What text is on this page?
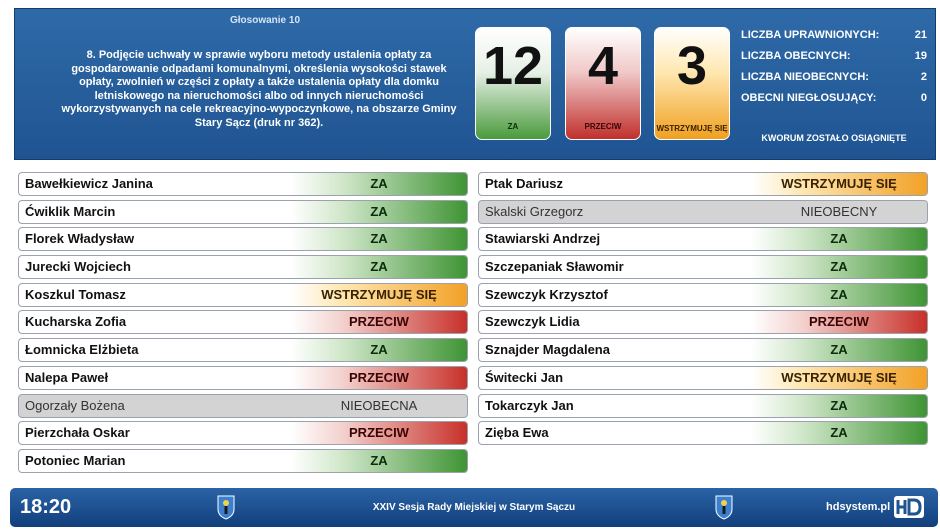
Głosowanie 10
8. Podjęcie uchwały w sprawie wyboru metody ustalenia opłaty za gospodarowanie odpadami komunalnymi, określenia wysokości stawek opłaty, zwolnień w części z opłaty a także ustalenia opłaty dla domku letniskowego na nieruchomości albo od innych nieruchomości wykorzystywanych na cele rekreacyjno-wypoczynkowe, na obszarze Gminy Stary Sącz (druk nr 362).
12
ZA
4
PRZECIW
3
WSTRZYMUJĘ SIĘ
LICZBA UPRAWNIONYCH:	21
LICZBA OBECNYCH:	19
LICZBA NIEOBECNYCH:	2
OBECNI NIEGŁOSUJĄCY:	0
KWORUM ZOSTAŁO OSIĄGNIĘTE
Bawełkiewicz Janina	ZA
Ćwiklik Marcin	ZA
Florek Władysław	ZA
Jurecki Wojciech	ZA
Koszkul Tomasz	WSTRZYMUJĘ SIĘ
Kucharska Zofia	PRZECIW
Łomnicka Elżbieta	ZA
Nalepa Paweł	PRZECIW
Ogorzały Bożena	NIEOBECNA
Pierzchała Oskar	PRZECIW
Potoniec Marian	ZA
Ptak Dariusz	WSTRZYMUJĘ SIĘ
Skalski Grzegorz	NIEOBECNY
Stawiarski Andrzej	ZA
Szczepaniak Sławomir	ZA
Szewczyk Krzysztof	ZA
Szewczyk Lidia	PRZECIW
Sznajder Magdalena	ZA
Świtecki Jan	WSTRZYMUJĘ SIĘ
Tokarczyk Jan	ZA
Zięba Ewa	ZA
18:20	XXIV Sesja Rady Miejskiej w Starym Sączu	hdsystem.pl
